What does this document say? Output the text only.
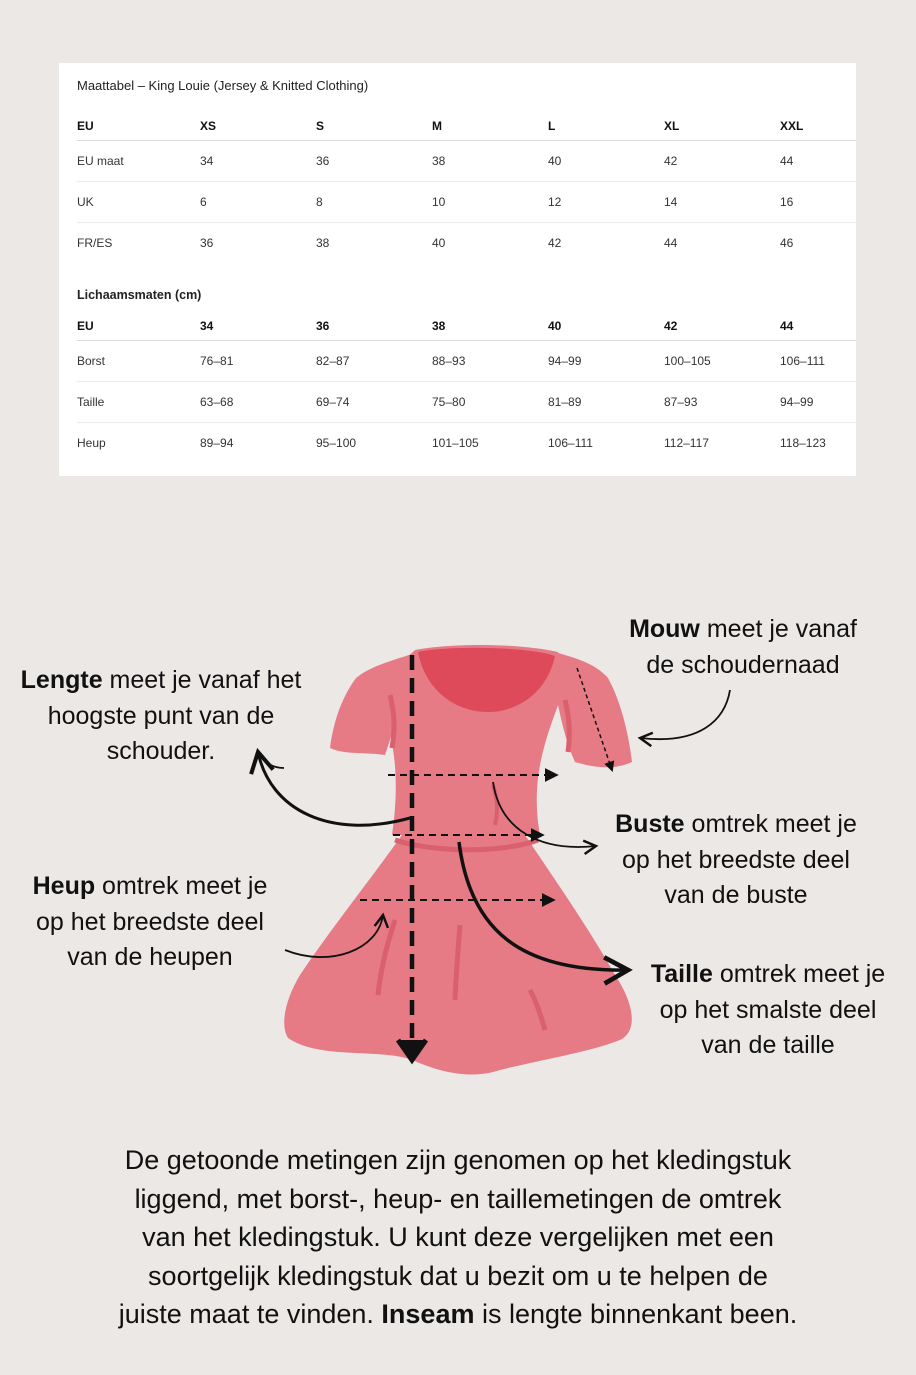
Maattabel – King Louie (Jersey & Knitted Clothing)
EU	XS	S	M	L	XL	XXL
EU maat	34	36	38	40	42	44
UK	6	8	10	12	14	16
FR/ES	36	38	40	42	44	46
Lichaamsmaten (cm)
EU	34	36	38	40	42	44
Borst	76–81	82–87	88–93	94–99	100–105	106–111
Taille	63–68	69–74	75–80	81–89	87–93	94–99
Heup	89–94	95–100	101–105	106–111	112–117	118–123
Mouw meet je vanaf
de schoudernaad
Lengte meet je vanaf het
hoogste punt van de
schouder.
Buste omtrek meet je
op het breedste deel
van de buste
Heup omtrek meet je
op het breedste deel
van de heupen
Taille omtrek meet je
op het smalste deel
van de taille
De getoonde metingen zijn genomen op het kledingstuk
liggend, met borst-, heup- en taillemetingen de omtrek
van het kledingstuk. U kunt deze vergelijken met een
soortgelijk kledingstuk dat u bezit om u te helpen de
juiste maat te vinden. Inseam is lengte binnenkant been.
